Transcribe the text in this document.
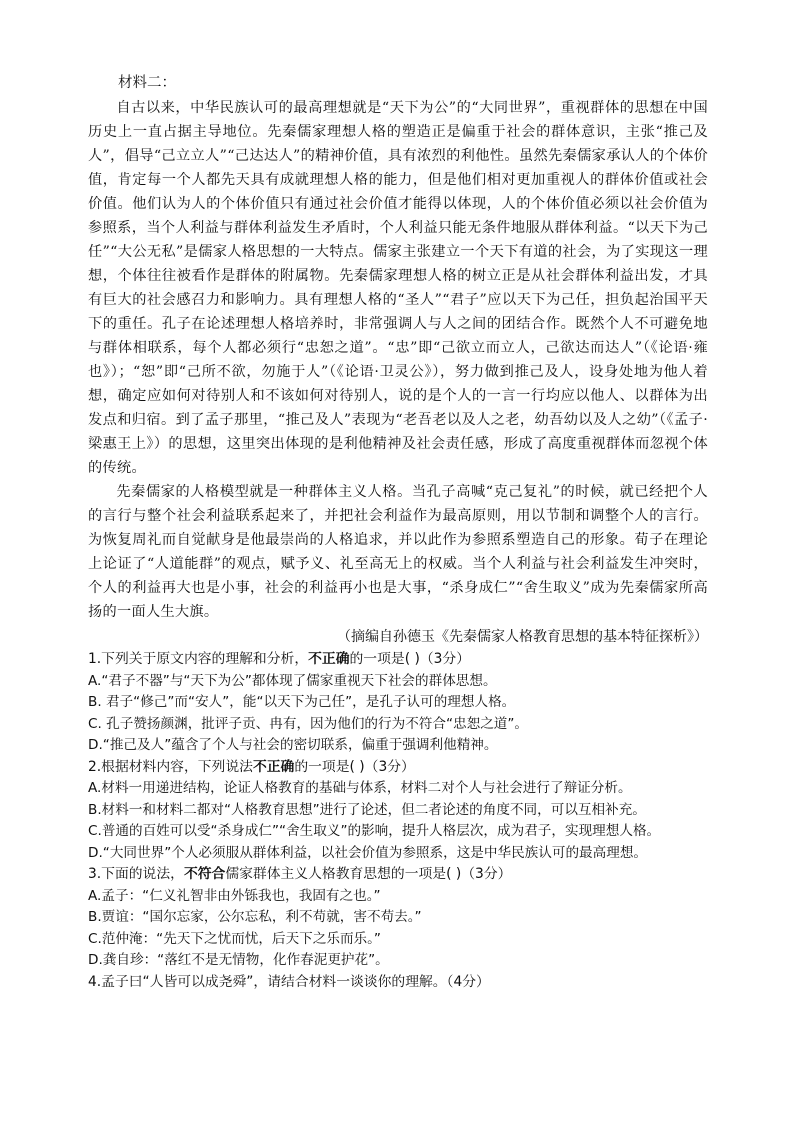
材料二：

自古以来，中华民族认可的最高理想就是“天下为公”的“大同世界”，重视群体的思想在中国历史上一直占据主导地位。先秦儒家理想人格的塑造正是偏重于社会的群体意识，主张“推己及人”，倡导“己立立人”“己达达人”的精神价值，具有浓烈的利他性。虽然先秦儒家承认人的个体价值，肯定每一个人都先天具有成就理想人格的能力，但是他们相对更加重视人的群体价值或社会价值。他们认为人的个体价值只有通过社会价值才能得以体现，人的个体价值必须以社会价值为参照系，当个人利益与群体利益发生矛盾时，个人利益只能无条件地服从群体利益。“以天下为己任”“大公无私”是儒家人格思想的一大特点。儒家主张建立一个天下有道的社会，为了实现这一理想，个体往往被看作是群体的附属物。先秦儒家理想人格的树立正是从社会群体利益出发，才具有巨大的社会感召力和影响力。具有理想人格的“圣人”“君子”应以天下为己任，担负起治国平天下的重任。孔子在论述理想人格培养时，非常强调人与人之间的团结合作。既然个人不可避免地与群体相联系，每个人都必须行“忠恕之道”。“忠”即“己欲立而立人，己欲达而达人”（《论语·雍也》）；“恕”即“己所不欲，勿施于人”（《论语·卫灵公》），努力做到推己及人，设身处地为他人着想，确定应如何对待别人和不该如何对待别人，说的是个人的一言一行均应以他人、以群体为出发点和归宿。到了孟子那里，“推己及人”表现为“老吾老以及人之老，幼吾幼以及人之幼”（《孟子·梁惠王上》）的思想，这里突出体现的是利他精神及社会责任感，形成了高度重视群体而忽视个体的传统。

先秦儒家的人格模型就是一种群体主义人格。当孔子高喊“克己复礼”的时候，就已经把个人的言行与整个社会利益联系起来了，并把社会利益作为最高原则，用以节制和调整个人的言行。为恢复周礼而自觉献身是他最崇尚的人格追求，并以此作为参照系塑造自己的形象。荀子在理论上论证了“人道能群”的观点，赋予义、礼至高无上的权威。当个人利益与社会利益发生冲突时，个人的利益再大也是小事，社会的利益再小也是大事，“杀身成仁”“舍生取义”成为先秦儒家所高扬的一面人生大旗。

（摘编自孙德玉《先秦儒家人格教育思想的基本特征探析》）

1.下列关于原文内容的理解和分析，不正确的一项是( )（3分）

A.“君子不器”与“天下为公”都体现了儒家重视天下社会的群体思想。

B. 君子“修己”而“安人”，能“以天下为己任”，是孔子认可的理想人格。

C. 孔子赞扬颜渊，批评子贡、冉有，因为他们的行为不符合“忠恕之道”。

D.“推己及人”蕴含了个人与社会的密切联系，偏重于强调利他精神。

2.根据材料内容，下列说法不正确的一项是( )（3分）

A.材料一用递进结构，论证人格教育的基础与体系，材料二对个人与社会进行了辩证分析。

B.材料一和材料二都对“人格教育思想”进行了论述，但二者论述的角度不同，可以互相补充。

C.普通的百姓可以受“杀身成仁”“舍生取义”的影响，提升人格层次，成为君子，实现理想人格。

D.“大同世界”个人必须服从群体利益，以社会价值为参照系，这是中华民族认可的最高理想。

3.下面的说法，不符合儒家群体主义人格教育思想的一项是( )（3分）

A.孟子：“仁义礼智非由外铄我也，我固有之也。”

B.贾谊：“国尔忘家，公尔忘私，利不苟就，害不苟去。”

C.范仲淹：“先天下之忧而忧，后天下之乐而乐。”

D.龚自珍：“落红不是无情物，化作春泥更护花”。

4.孟子曰“人皆可以成尧舜”，请结合材料一谈谈你的理解。（4分）
